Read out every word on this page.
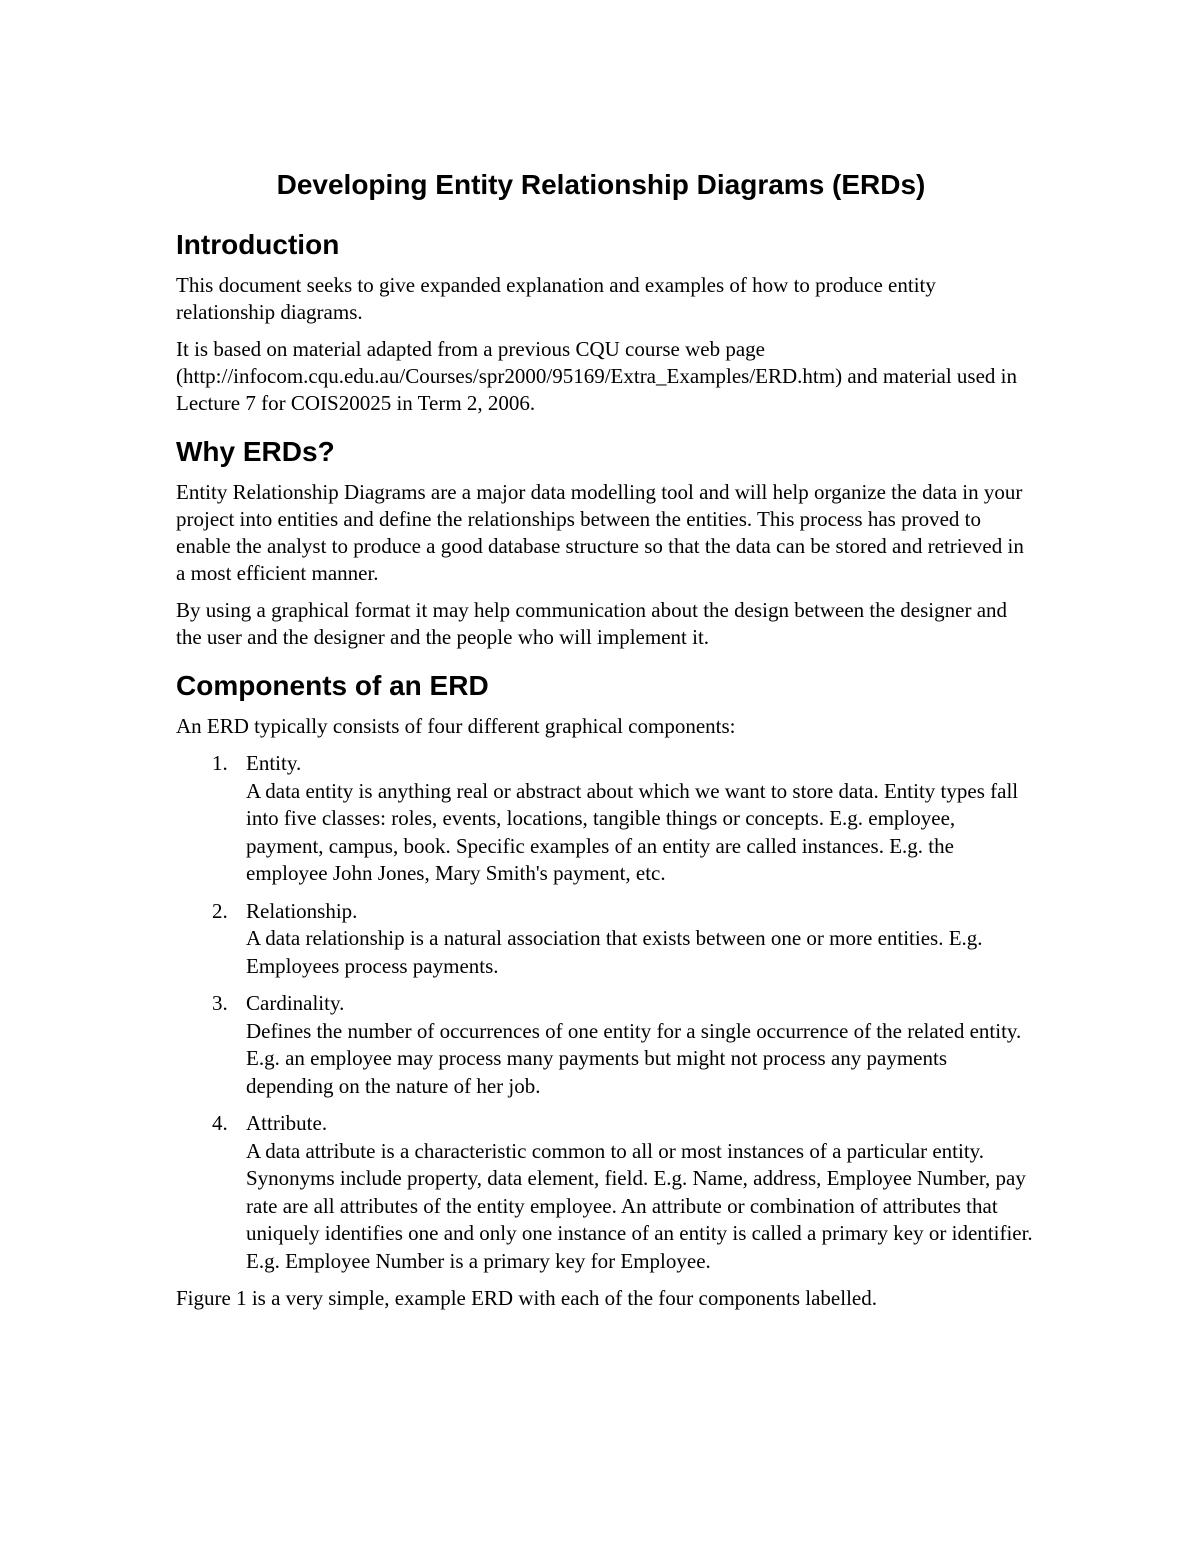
Developing Entity Relationship Diagrams (ERDs)
Introduction

This document seeks to give expanded explanation and examples of how to produce entity relationship diagrams.

It is based on material adapted from a previous CQU course web page (http://infocom.cqu.edu.au/Courses/spr2000/95169/Extra_Examples/ERD.htm) and material used in Lecture 7 for COIS20025 in Term 2, 2006.

Why ERDs?

Entity Relationship Diagrams are a major data modelling tool and will help organize the data in your project into entities and define the relationships between the entities. This process has proved to enable the analyst to produce a good database structure so that the data can be stored and retrieved in a most efficient manner.

By using a graphical format it may help communication about the design between the designer and the user and the designer and the people who will implement it.

Components of an ERD

An ERD typically consists of four different graphical components:

1. Entity.
A data entity is anything real or abstract about which we want to store data. Entity types fall into five classes: roles, events, locations, tangible things or concepts. E.g. employee, payment, campus, book. Specific examples of an entity are called instances. E.g. the employee John Jones, Mary Smith's payment, etc.
2. Relationship.
A data relationship is a natural association that exists between one or more entities. E.g. Employees process payments.
3. Cardinality.
Defines the number of occurrences of one entity for a single occurrence of the related entity. E.g. an employee may process many payments but might not process any payments depending on the nature of her job.
4. Attribute.
A data attribute is a characteristic common to all or most instances of a particular entity. Synonyms include property, data element, field. E.g. Name, address, Employee Number, pay rate are all attributes of the entity employee. An attribute or combination of attributes that uniquely identifies one and only one instance of an entity is called a primary key or identifier. E.g. Employee Number is a primary key for Employee.

Figure 1 is a very simple, example ERD with each of the four components labelled.
